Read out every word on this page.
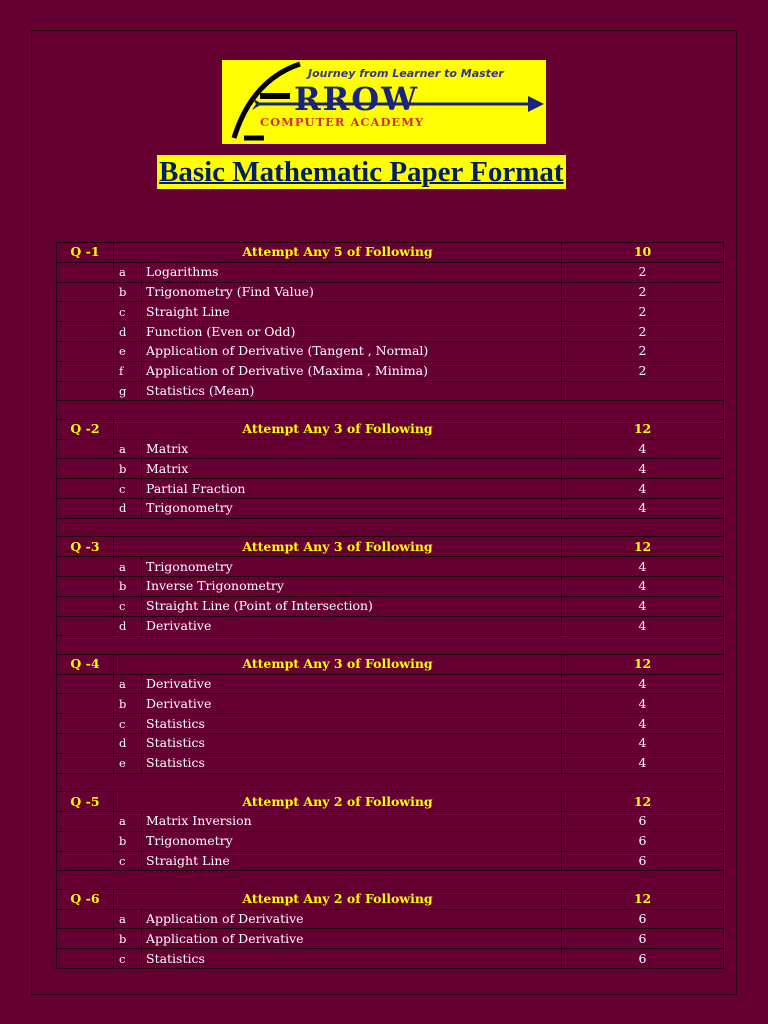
Journey from Learner to Master
RROW
COMPUTER ACADEMY
Basic Mathematic Paper Format
Q -1	Attempt Any 5 of Following		10
	a	Logarithms	2
	b	Trigonometry (Find Value)	2
	c	Straight Line	2
	d	Function (Even or Odd)	2
	e	Application of Derivative (Tangent , Normal)	2
	f	Application of Derivative (Maxima , Minima)	2
	g	Statistics (Mean)	

Q -2	Attempt Any 3 of Following		12
	a	Matrix	4
	b	Matrix	4
	c	Partial Fraction	4
	d	Trigonometry	4

Q -3	Attempt Any 3 of Following		12
	a	Trigonometry	4
	b	Inverse Trigonometry	4
	c	Straight Line (Point of Intersection)	4
	d	Derivative	4

Q -4	Attempt Any 3 of Following		12
	a	Derivative	4
	b	Derivative	4
	c	Statistics	4
	d	Statistics	4
	e	Statistics	4

Q -5	Attempt Any 2 of Following		12
	a	Matrix Inversion	6
	b	Trigonometry	6
	c	Straight Line	6

Q -6	Attempt Any 2 of Following		12
	a	Application of Derivative	6
	b	Application of Derivative	6
	c	Statistics	6
